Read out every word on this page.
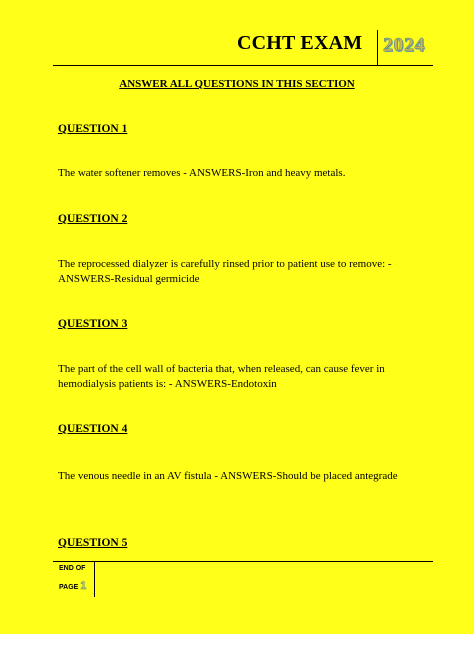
CCHT EXAM 2024
ANSWER ALL QUESTIONS IN THIS SECTION
QUESTION 1
The water softener removes - ANSWERS-Iron and heavy metals.
QUESTION 2
The reprocessed dialyzer is carefully rinsed prior to patient use to remove: - ANSWERS-Residual germicide
QUESTION 3
The part of the cell wall of bacteria that, when released, can cause fever in hemodialysis patients is: - ANSWERS-Endotoxin
QUESTION 4
The venous needle in an AV fistula - ANSWERS-Should be placed antegrade
QUESTION 5
END OF
PAGE 1
